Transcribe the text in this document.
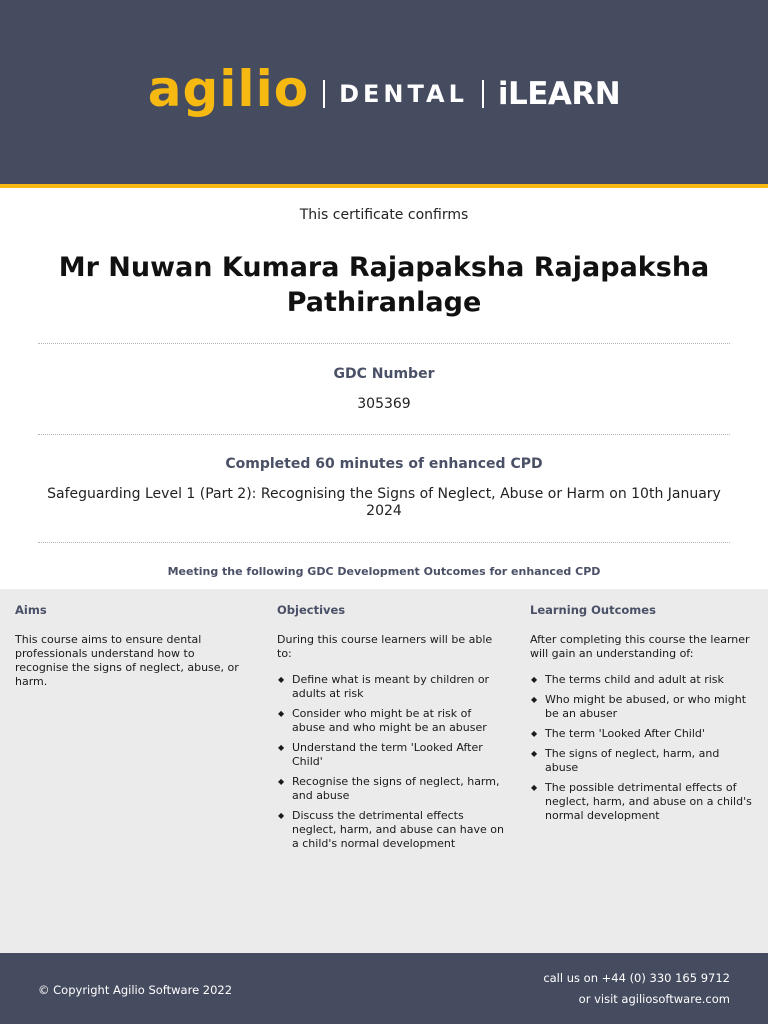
agilio DENTAL iLEARN
This certificate confirms
Mr Nuwan Kumara Rajapaksha Rajapaksha Pathiranlage
GDC Number
305369
Completed 60 minutes of enhanced CPD
Safeguarding Level 1 (Part 2): Recognising the Signs of Neglect, Abuse or Harm on 10th January 2024
Meeting the following GDC Development Outcomes for enhanced CPD
Aims
This course aims to ensure dental professionals understand how to recognise the signs of neglect, abuse, or harm.
Objectives
During this course learners will be able to:
◆ Define what is meant by children or adults at risk
◆ Consider who might be at risk of abuse and who might be an abuser
◆ Understand the term 'Looked After Child'
◆ Recognise the signs of neglect, harm, and abuse
◆ Discuss the detrimental effects neglect, harm, and abuse can have on a child's normal development
Learning Outcomes
After completing this course the learner will gain an understanding of:
◆ The terms child and adult at risk
◆ Who might be abused, or who might be an abuser
◆ The term 'Looked After Child'
◆ The signs of neglect, harm, and abuse
◆ The possible detrimental effects of neglect, harm, and abuse on a child's normal development
© Copyright Agilio Software 2022
call us on +44 (0) 330 165 9712
or visit agiliosoftware.com
